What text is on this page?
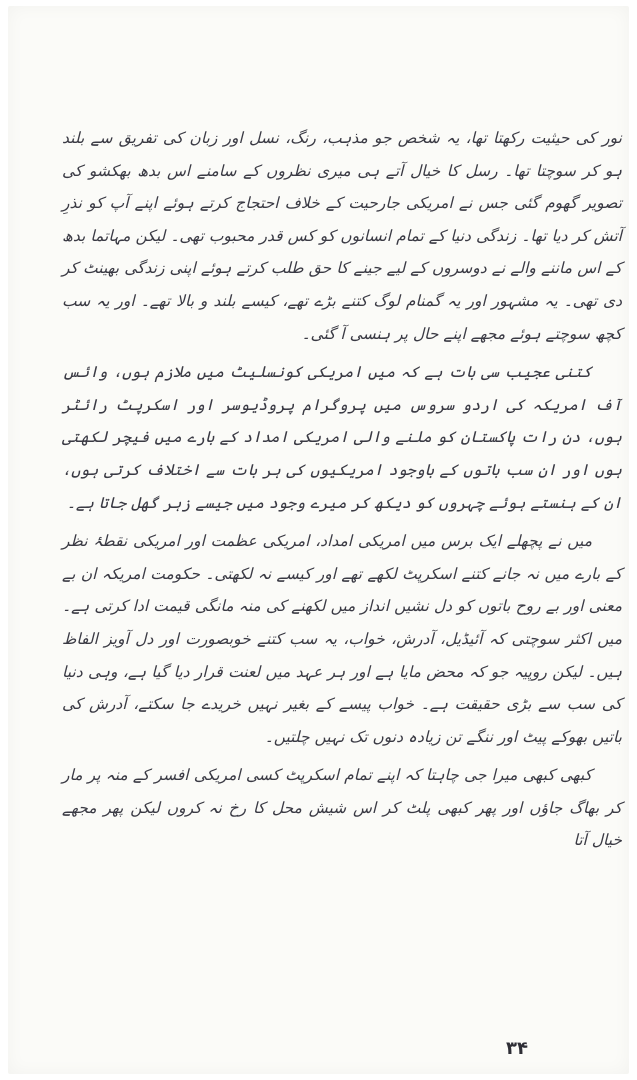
نور کی حیثیت رکھتا تھا، یہ شخص جو مذہب، رنگ، نسل اور زبان کی تفریق سے بلند ہو کر سوچتا تھا۔ رسل کا خیال آتے ہی میری نظروں کے سامنے اس بدھ بھکشو کی تصویر گھوم گئی جس نے امریکی جارحیت کے خلاف احتجاج کرتے ہوئے اپنے آپ کو نذرِ آتش کر دیا تھا۔ زندگی دنیا کے تمام انسانوں کو کس قدر محبوب تھی۔ لیکن مہاتما بدھ کے اس ماننے والے نے دوسروں کے لیے جینے کا حق طلب کرتے ہوئے اپنی زندگی بھینٹ کر دی تھی۔ یہ مشہور اور یہ گمنام لوگ کتنے بڑے تھے، کیسے بلند و بالا تھے۔ اور یہ سب کچھ سوچتے ہوئے مجھے اپنے حال پر ہنسی آ گئی۔

کتنی عجیب سی بات ہے کہ میں امریکی کونسلیٹ میں ملازم ہوں، وائس آف امریکہ کی اردو سروس میں پروگرام پروڈیوسر اور اسکرپٹ رائٹر ہوں، دن رات پاکستان کو ملنے والی امریکی امداد کے بارے میں فیچر لکھتی ہوں اور ان سب باتوں کے باوجود امریکیوں کی ہر بات سے اختلاف کرتی ہوں، ان کے ہنستے ہوئے چہروں کو دیکھ کر میرے وجود میں جیسے زہر گھل جاتا ہے۔

میں نے پچھلے ایک برس میں امریکی امداد، امریکی عظمت اور امریکی نقطۂ نظر کے بارے میں نہ جانے کتنے اسکرپٹ لکھے تھے اور کیسے نہ لکھتی۔ حکومت امریکہ ان بے معنی اور بے روح باتوں کو دل نشیں انداز میں لکھنے کی منہ مانگی قیمت ادا کرتی ہے۔ میں اکثر سوچتی کہ آئیڈیل، آدرش، خواب، یہ سب کتنے خوبصورت اور دل آویز الفاظ ہیں۔ لیکن روپیہ جو کہ محض مایا ہے اور ہر عہد میں لعنت قرار دیا گیا ہے، وہی دنیا کی سب سے بڑی حقیقت ہے۔ خواب پیسے کے بغیر نہیں خریدے جا سکتے، آدرش کی باتیں بھوکے پیٹ اور ننگے تن زیادہ دنوں تک نہیں چلتیں۔

کبھی کبھی میرا جی چاہتا کہ اپنے تمام اسکرپٹ کسی امریکی افسر کے منہ پر مار کر بھاگ جاؤں اور پھر کبھی پلٹ کر اس شیش محل کا رخ نہ کروں لیکن پھر مجھے خیال آتا

۳۴
